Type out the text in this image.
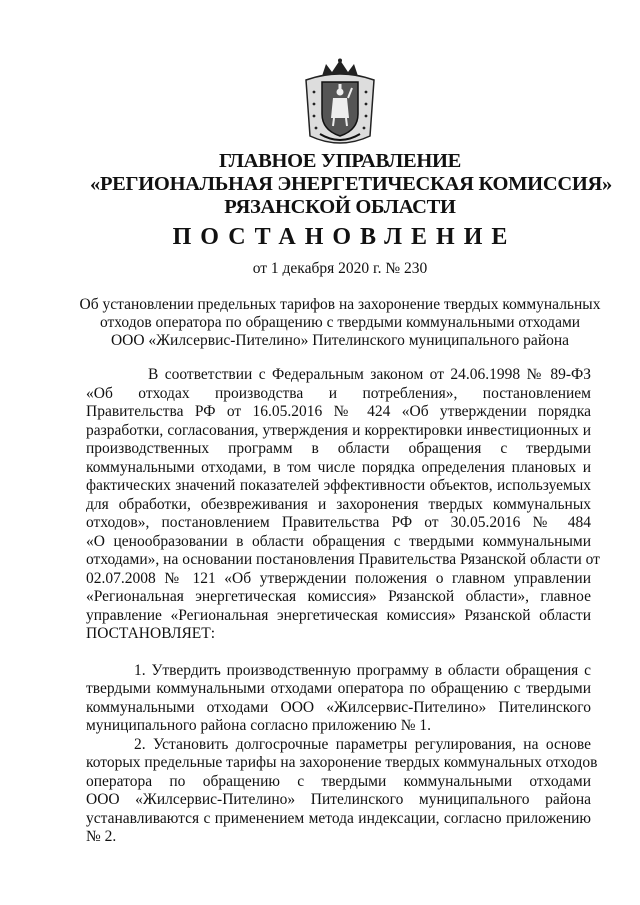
ГЛАВНОЕ УПРАВЛЕНИЕ
«РЕГИОНАЛЬНАЯ ЭНЕРГЕТИЧЕСКАЯ КОМИССИЯ»
РЯЗАНСКОЙ ОБЛАСТИ
ПОСТАНОВЛЕНИЕ
от 1 декабря 2020 г. № 230
Об установлении предельных тарифов на захоронение твердых коммунальных
отходов оператора по обращению с твердыми коммунальными отходами
ООО «Жилсервис-Пителино» Пителинского муниципального района
В соответствии с Федеральным законом от 24.06.1998 № 89-ФЗ
«Об отходах производства и потребления», постановлением
Правительства РФ от 16.05.2016 № 424 «Об утверждении порядка
разработки, согласования, утверждения и корректировки инвестиционных и
производственных программ в области обращения с твердыми
коммунальными отходами, в том числе порядка определения плановых и
фактических значений показателей эффективности объектов, используемых
для обработки, обезвреживания и захоронения твердых коммунальных
отходов», постановлением Правительства РФ от 30.05.2016 № 484
«О ценообразовании в области обращения с твердыми коммунальными
отходами», на основании постановления Правительства Рязанской области от
02.07.2008 № 121 «Об утверждении положения о главном управлении
«Региональная энергетическая комиссия» Рязанской области», главное
управление «Региональная энергетическая комиссия» Рязанской области
ПОСТАНОВЛЯЕТ:
1. Утвердить производственную программу в области обращения с
твердыми коммунальными отходами оператора по обращению с твердыми
коммунальными отходами ООО «Жилсервис-Пителино» Пителинского
муниципального района согласно приложению № 1.
2. Установить долгосрочные параметры регулирования, на основе
которых предельные тарифы на захоронение твердых коммунальных отходов
оператора по обращению с твердыми коммунальными отходами
ООО «Жилсервис-Пителино» Пителинского муниципального района
устанавливаются с применением метода индексации, согласно приложению
№ 2.
